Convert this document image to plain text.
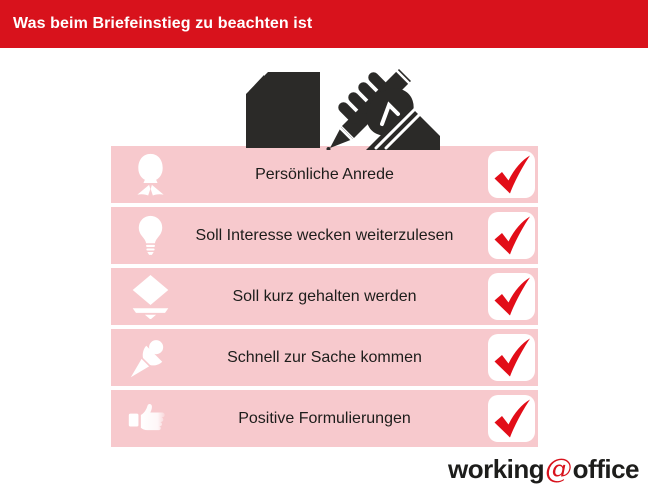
Was beim Briefeinstieg zu beachten ist
Persönliche Anrede
Soll Interesse wecken weiterzulesen
Soll kurz gehalten werden
Schnell zur Sache kommen
Positive Formulierungen
working @ office
